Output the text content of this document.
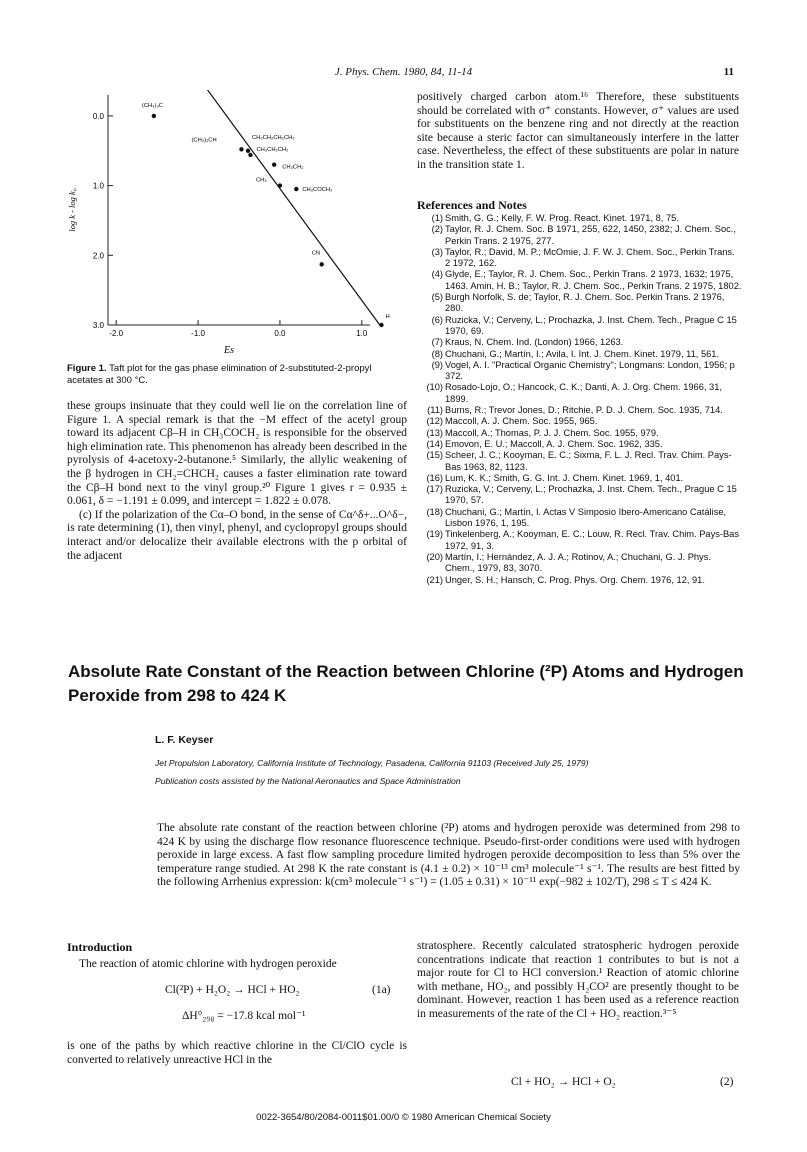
J. Phys. Chem. 1980, 84, 11-14	11
3.0
2.0
1.0
0.0
-2.0	-1.0	0.0	1.0
log k - log k₀
Es
(CH₃)₃C
(CH₃)₂CH	CH₃CH₂CH₂CH₂
CH₃CH₂CH₂
CH₃CH₂
CH₃
CH₃COCH₂
CN
H
Figure 1. Taft plot for the gas phase elimination of 2-substituted-2-propyl acetates at 300 °C.

these groups insinuate that they could well lie on the correlation line of Figure 1. A special remark is that the −M effect of the acetyl group toward its adjacent Cβ–H in CH₃COCH₂ is responsible for the observed high elimination rate. This phenomenon has already been described in the pyrolysis of 4-acetoxy-2-butanone.⁵ Similarly, the allylic weakening of the β hydrogen in CH₂=CHCH₂ causes a faster elimination rate toward the Cβ–H bond next to the vinyl group.²⁰ Figure 1 gives r = 0.935 ± 0.061, δ = −1.191 ± 0.099, and intercept = 1.822 ± 0.078.

(c) If the polarization of the Cα–O bond, in the sense of Cα^δ+...O^δ−, is rate determining (1), then vinyl, phenyl, and cyclopropyl groups should interact and/or delocalize their available electrons with the p orbital of the adjacent

positively charged carbon atom.¹⁶ Therefore, these substituents should be correlated with σ⁺ constants. However, σ⁺ values are used for substituents on the benzene ring and not directly at the reaction site because a steric factor can simultaneously interfere in the latter case. Nevertheless, the effect of these substituents are polar in nature in the transition state 1.
References and Notes
(1) Smith, G. G.; Kelly, F. W. Prog. React. Kinet. 1971, 8, 75.
(2) Taylor, R. J. Chem. Soc. B 1971, 255, 622, 1450, 2382; J. Chem. Soc., Perkin Trans. 2 1975, 277.
(3) Taylor, R.; David, M. P.; McOmie, J. F. W. J. Chem. Soc., Perkin Trans. 2 1972, 162.
(4) Glyde, E.; Taylor, R. J. Chem. Soc., Perkin Trans. 2 1973, 1632; 1975, 1463. Amin, H. B.; Taylor, R. J. Chem. Soc., Perkin Trans. 2 1975, 1802.
(5) Burgh Norfolk, S. de; Taylor, R. J. Chem. Soc. Perkin Trans. 2 1976, 280.
(6) Ruzicka, V.; Cerveny, L.; Prochazka, J. Inst. Chem. Tech., Prague C 15 1970, 69.
(7) Kraus, N. Chem. Ind. (London) 1966, 1263.
(8) Chuchani, G.; Martín, I.; Avila, I. Int. J. Chem. Kinet. 1979, 11, 561.
(9) Vogel, A. I. "Practical Organic Chemistry"; Longmans: London, 1956; p 372.
(10) Rosado-Lojo, O.; Hancock, C. K.; Danti, A. J. Org. Chem. 1966, 31, 1899.
(11) Burns, R.; Trevor Jones, D.; Ritchie, P. D. J. Chem. Soc. 1935, 714.
(12) Maccoll, A. J. Chem. Soc. 1955, 965.
(13) Maccoll, A.; Thomas, P. J. J. Chem. Soc. 1955, 979.
(14) Emovon, E. U.; Maccoll, A. J. Chem. Soc. 1962, 335.
(15) Scheer, J. C.; Kooyman, E. C.; Sixma, F. L. J. Recl. Trav. Chim. Pays-Bas 1963, 82, 1123.
(16) Lum, K. K.; Smith, G. G. Int. J. Chem. Kinet. 1969, 1, 401.
(17) Ruzicka, V.; Cerveny, L.; Prochazka, J. Inst. Chem. Tech., Prague C 15 1970, 57.
(18) Chuchani, G.; Martín, I. Actas V Simposio Ibero-Americano Catálise, Lisbon 1976, 1, 195.
(19) Tinkelenberg, A.; Kooyman, E. C.; Louw, R. Recl. Trav. Chim. Pays-Bas 1972, 91, 3.
(20) Martín, I.; Hernández, A. J. A.; Rotinov, A.; Chuchani, G. J. Phys. Chem., 1979, 83, 3070.
(21) Unger, S. H.; Hansch, C. Prog. Phys. Org. Chem. 1976, 12, 91.
Absolute Rate Constant of the Reaction between Chlorine (²P) Atoms and Hydrogen Peroxide from 298 to 424 K
L. F. Keyser
Jet Propulsion Laboratory, California Institute of Technology, Pasadena, California 91103 (Received July 25, 1979)
Publication costs assisted by the National Aeronautics and Space Administration
The absolute rate constant of the reaction between chlorine (²P) atoms and hydrogen peroxide was determined from 298 to 424 K by using the discharge flow resonance fluorescence technique. Pseudo-first-order conditions were used with hydrogen peroxide in large excess. A fast flow sampling procedure limited hydrogen peroxide decomposition to less than 5% over the temperature range studied. At 298 K the rate constant is (4.1 ± 0.2) × 10⁻¹³ cm³ molecule⁻¹ s⁻¹. The results are best fitted by the following Arrhenius expression: k(cm³ molecule⁻¹ s⁻¹) = (1.05 ± 0.31) × 10⁻¹¹ exp(−982 ± 102/T), 298 ≤ T ≤ 424 K.
Introduction
The reaction of atomic chlorine with hydrogen peroxide
Cl(²P) + H₂O₂ → HCl + HO₂	(1a)
ΔH°₂₉₈ = −17.8 kcal mol⁻¹
is one of the paths by which reactive chlorine in the Cl/ClO cycle is converted to relatively unreactive HCl in the
stratosphere. Recently calculated stratospheric hydrogen peroxide concentrations indicate that reaction 1 contributes to but is not a major route for Cl to HCl conversion.¹ Reaction of atomic chlorine with methane, HO₂, and possibly H₂CO² are presently thought to be dominant. However, reaction 1 has been used as a reference reaction in measurements of the rate of the Cl + HO₂ reaction.³⁻⁵
Cl + HO₂ → HCl + O₂	(2)
0022-3654/80/2084-0011$01.00/0 © 1980 American Chemical Society
